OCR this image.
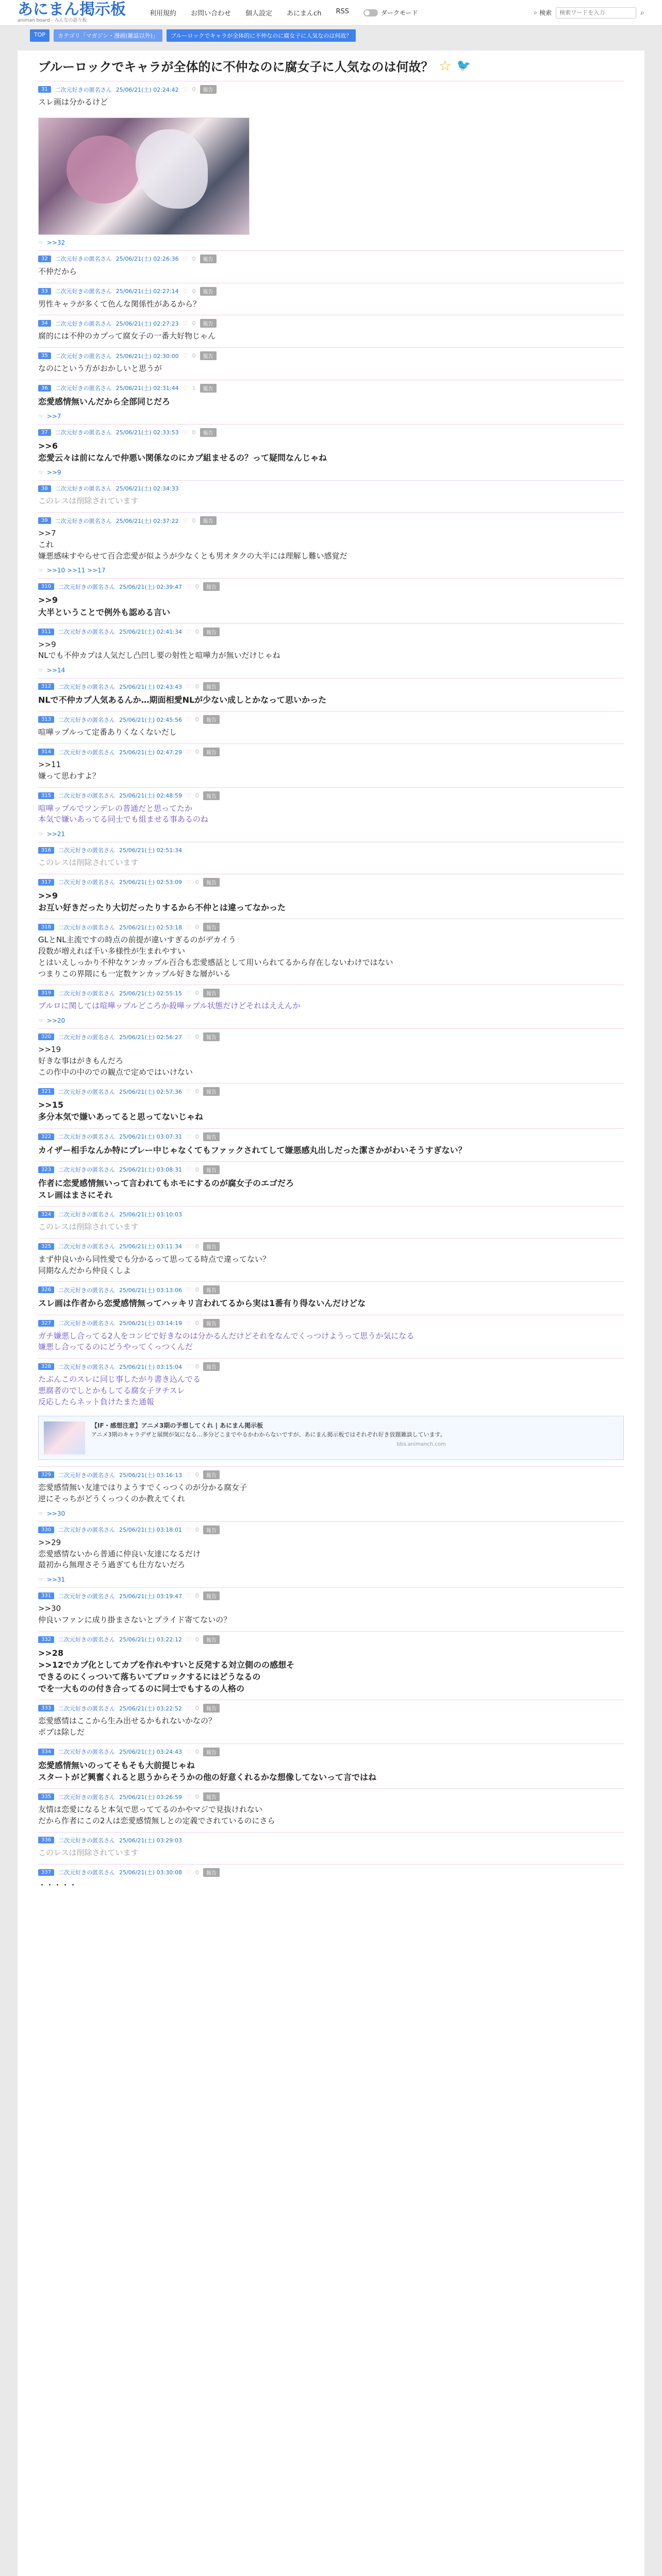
あにまん掲示板
animan board - みんなの語り板
利用規約 お問い合わせ 個人設定 あにまんch RSS	ダークモード	⌕ 検索
検索ワードを入力	⌕
TOP	カテゴリ「マガジン・漫画(雑誌以外)」	ブルーロックでキャラが全体的に不仲なのに腐女子に人気なのは何故？
ブルーロックでキャラが全体的に不仲なのに腐女子に人気なのは何故？ ☆ 🐦
31	二次元好きの匿名さん 25/06/21(土) 02:24:42 ♡ 0	報告
スレ画は分かるけど
☞ >>32
32	二次元好きの匿名さん 25/06/21(土) 02:26:36 ♡ 0	報告
不仲だから
33	二次元好きの匿名さん 25/06/21(土) 02:27:14 ♡ 0	報告
男性キャラが多くて色んな関係性があるから？
34	二次元好きの匿名さん 25/06/21(土) 02:27:23 ♡ 0	報告
腐的には不仲のカプって腐女子の一番大好物じゃん
35	二次元好きの匿名さん 25/06/21(土) 02:30:00 ♡ 0	報告
なのにという方がおかしいと思うが
36	二次元好きの匿名さん 25/06/21(土) 02:31:44 ♡ 1	報告
恋愛感情無いんだから全部同じだろ
☞ >>7
37	二次元好きの匿名さん 25/06/21(土) 02:33:53 ♡ 0	報告
>>6
恋愛云々は前になんで仲悪い関係なのにカプ組ませるの？って疑問なんじゃね
☞ >>9
38	二次元好きの匿名さん 25/06/21(土) 02:34:33
このレスは削除されています
39	二次元好きの匿名さん 25/06/21(土) 02:37:22 ♡ 0	報告
>>7
これ
嫌悪感味すやらせて百合恋愛が似ようが少なくとも男オタクの大半には理解し難い感覚だ
☞ >>10 >>11 >>17
310	二次元好きの匿名さん 25/06/21(土) 02:39:47 ♡ 0	報告
>>9
大半ということで例外も認める言い
311	二次元好きの匿名さん 25/06/21(土) 02:41:34 ♡ 0	報告
>>9
NLでも不仲カプは人気だし凸凹し要の射性と喧嘩力が無いだけじゃね
☞ >>14
312	二次元好きの匿名さん 25/06/21(土) 02:43:43 ♡ 0	報告
NLで不仲カプ人気あるんか…期面相愛NLが少ない成しとかなって思いかった
313	二次元好きの匿名さん 25/06/21(土) 02:45:56 ♡ 0	報告
喧嘩ップルって定番ありくなくないだし
314	二次元好きの匿名さん 25/06/21(土) 02:47:29 ♡ 0	報告
>>11
嫌って思わすよ？
315	二次元好きの匿名さん 25/06/21(土) 02:48:59 ♡ 0	報告
喧嘩ップルでツンデレの普通だと思ってたか
本気で嫌いあってる同士でも組ませる事あるのね
☞ >>21
316	二次元好きの匿名さん 25/06/21(土) 02:51:34
このレスは削除されています
317	二次元好きの匿名さん 25/06/21(土) 02:53:09 ♡ 0	報告
>>9
お互い好きだったり大切だったりするから不仲とは違ってなかった
318	二次元好きの匿名さん 25/06/21(土) 02:53:18 ♡ 0	報告
GLとNL主流ですの時点の前提が違いすぎるのがデカイう
段数が増えれば千い多様性が生まれやすい
とはいえしっかり不仲なケンカップル百合も恋愛感話として用いられてるから存在しないわけではない
つまりこの界隈にも一定数ケンカップル好きな層がいる
319	二次元好きの匿名さん 25/06/21(土) 02:55:15 ♡ 0	報告
ブルロに関しては喧嘩ップルどころか殺嘩ップル状態だけどそれはええんか
☞ >>20
320	二次元好きの匿名さん 25/06/21(土) 02:56:27 ♡ 0	報告
>>19
好きな事はがきもんだろ
この作中の中のでの観点で定めではいけない
321	二次元好きの匿名さん 25/06/21(土) 02:57:36 ♡ 0	報告
>>15
多分本気で嫌いあってると思ってないじゃね
322	二次元好きの匿名さん 25/06/21(土) 03:07:31 ♡ 0	報告
カイザー相手なんか特にプレー中じゃなくてもファックされてして嫌悪感丸出しだった潔さかがわいそうすぎない？
323	二次元好きの匿名さん 25/06/21(土) 03:08:31 ♡ 0	報告
作者に恋愛感情無いって言われてもホモにするのが腐女子のエゴだろ
スレ画はまさにそれ
324	二次元好きの匿名さん 25/06/21(土) 03:10:03
このレスは削除されています
325	二次元好きの匿名さん 25/06/21(土) 03:11:34 ♡ 0	報告
まず仲良いから同性愛でも分かるって思ってる時点で違ってない？
同期なんだから仲良くしよ
326	二次元好きの匿名さん 25/06/21(土) 03:13:06 ♡ 0	報告
スレ画は作者から恋愛感情無ってハッキリ言われてるから実は1番有り得ないんだけどな
327	二次元好きの匿名さん 25/06/21(土) 03:14:19 ♡ 0	報告
ガチ嫌悪し合ってる2人をコンビで好きなのは分かるんだけどそれをなんでくっつけようって思うか気になる
嫌悪し合ってるのにどうやってくっつくんだ
328	二次元好きの匿名さん 25/06/21(土) 03:15:04 ♡ 0	報告
たぶんこのスレに同じ事したがり書き込んでる
悪腐者のでしとかもしてる腐女子ヲチスレ
反応したらネット負けたまた通報
【IF・感想注意】アニメ3期の予想してくれ | あにまん掲示板
アニメ3期のキャラデザと展開が気になる…多分どこまでやるかわからないですが、あにまん掲示板ではそれぞれ好き放題雑談しています。
bbs.animanch.com
329	二次元好きの匿名さん 25/06/21(土) 03:16:13 ♡ 0	報告
恋愛感情無い友達ではりようすでくっつくのが分かる腐女子
逆にそっちがどうくっつくのか教えてくれ
☞ >>30
330	二次元好きの匿名さん 25/06/21(土) 03:18:01 ♡ 0	報告
>>29
恋愛感情ないから普通に仲良い友達になるだけ
最初から無理さそう過ぎても仕方ないだろ
☞ >>31
331	二次元好きの匿名さん 25/06/21(土) 03:19:47 ♡ 0	報告
>>30
仲良いファンに成り掛まさないとプライド寄てないの？
332	二次元好きの匿名さん 25/06/21(土) 03:22:12 ♡ 0	報告
>>28
>>12でカプ化としてカプを作れやすいと反発する対立側のの感想そ
できるのにくっついて落ちいてブロックするにはどうなるの
でを一大ものの付き合ってるのに同士でもするの人格の
333	二次元好きの匿名さん 25/06/21(土) 03:22:52 ♡ 0	報告
恋愛感情はここから生み出せるかもれないかなの？
ポプは除しだ
334	二次元好きの匿名さん 25/06/21(土) 03:24:43 ♡ 0	報告
恋愛感情無いのってそもそも大前提じゃね
スタートがど興奮くれると思うからそうかの他の好意くれるかな想像してないって言ではね
335	二次元好きの匿名さん 25/06/21(土) 03:26:59 ♡ 0	報告
友情は恋愛になると本気で思っててるのかやマジで見抜けれない
だから作者にこの2人は恋愛感情無しとの定義でされているのにさら
336	二次元好きの匿名さん 25/06/21(土) 03:29:03
このレスは削除されています
337	二次元好きの匿名さん 25/06/21(土) 03:30:08 ♡ 0	報告
・・・・・
